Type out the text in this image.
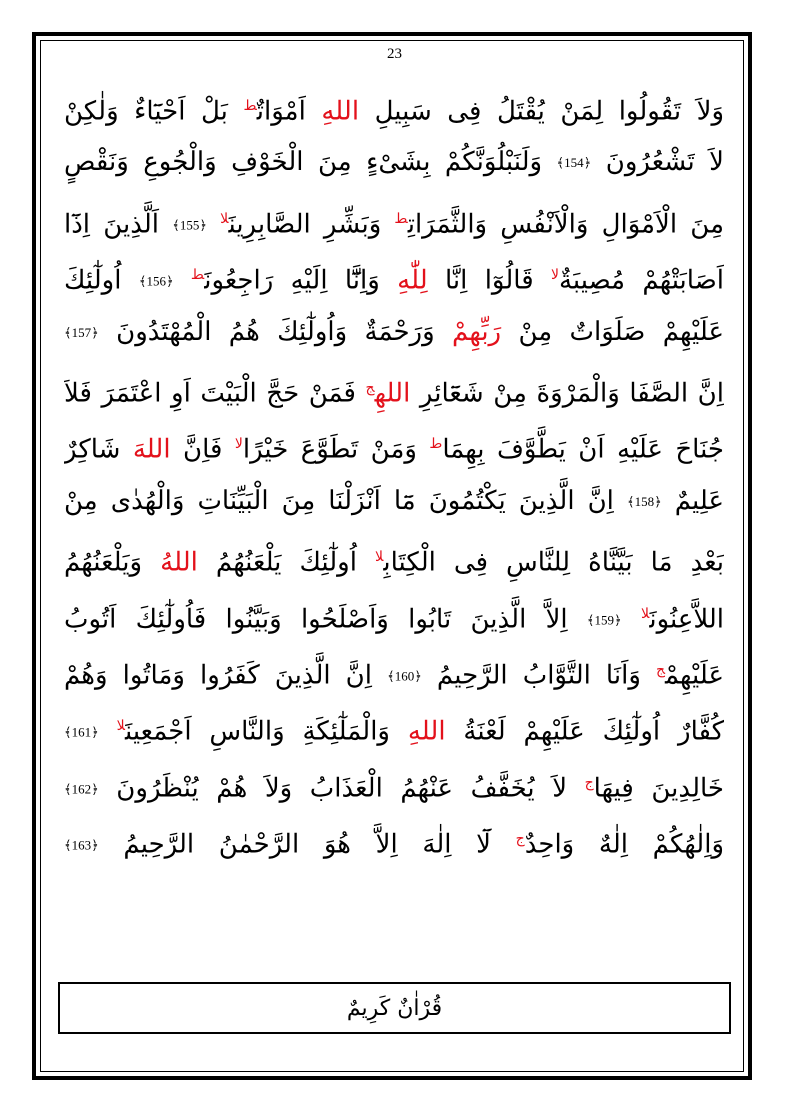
23
وَلاَ تَقُولُوا لِمَنْ يُقْتَلُ فِى سَبِيلِ اللهِ اَمْوَاتٌ$^ط$ بَلْ اَحْيَٓاءٌ وَلٰكِنْ
لاَ تَشْعُرُونَ ﴿154﴾ وَلَنَبْلُوَنَّكُمْ بِشَىْءٍ مِنَ الْخَوْفِ وَالْجُوعِ وَنَقْصٍ
مِنَ الْاَمْوَالِ وَالْاَنْفُسِ وَالثَّمَرَاتِ$^ط$ وَبَشِّرِ الصَّابِرِينَ$^{لا}$ ﴿155﴾ اَلَّذِينَ اِذَٓا
اَصَابَتْهُمْ مُصِيبَةٌ$^{لا}$ قَالُوٓا اِنَّا لِلّٰهِ وَاِنَّٓا اِلَيْهِ رَاجِعُونَ$^ط$ ﴿156﴾ اُولٰٓئِكَ
عَلَيْهِمْ صَلَوَاتٌ مِنْ رَبِّهِمْ وَرَحْمَةٌ وَاُولٰٓئِكَ هُمُ الْمُهْتَدُونَ ﴿157﴾
اِنَّ الصَّفَا وَالْمَرْوَةَ مِنْ شَعَٓائِرِ اللهِ$^ج$ فَمَنْ حَجَّ الْبَيْتَ اَوِ اعْتَمَرَ فَلاَ
جُنَاحَ عَلَيْهِ اَنْ يَطَّوَّفَ بِهِمَا$^ط$ وَمَنْ تَطَوَّعَ خَيْرًا$^{لا}$ فَاِنَّ اللهَ شَاكِرٌ
عَلِيمٌ ﴿158﴾ اِنَّ الَّذِينَ يَكْتُمُونَ مَٓا اَنْزَلْنَا مِنَ الْبَيِّنَاتِ وَالْهُدٰى مِنْ
بَعْدِ مَا بَيَّنَّاهُ لِلنَّاسِ فِى الْكِتَابِ$^{لا}$ اُولٰٓئِكَ يَلْعَنُهُمُ اللهُ وَيَلْعَنُهُمُ
اللاَّعِنُونَ$^{لا}$ ﴿159﴾ اِلاَّ الَّذِينَ تَابُوا وَاَصْلَحُوا وَبَيَّنُوا فَاُولٰٓئِكَ اَتُوبُ
عَلَيْهِمْ$^ج$ وَاَنَا التَّوَّابُ الرَّحِيمُ ﴿160﴾ اِنَّ الَّذِينَ كَفَرُوا وَمَاتُوا وَهُمْ
كُفَّارٌ اُولٰٓئِكَ عَلَيْهِمْ لَعْنَةُ اللهِ وَالْمَلٰٓئِكَةِ وَالنَّاسِ اَجْمَعِينَ$^{لا}$ ﴿161﴾
خَالِدِينَ فِيهَا$^ج$ لاَ يُخَفَّفُ عَنْهُمُ الْعَذَابُ وَلاَ هُمْ يُنْظَرُونَ ﴿162﴾
وَاِلٰهُكُمْ اِلٰهٌ وَاحِدٌ$^ج$ لَٓا اِلٰهَ اِلاَّ هُوَ الرَّحْمٰنُ الرَّحِيمُ ﴿163﴾
قُرْاٰنٌ كَرِيمٌ
